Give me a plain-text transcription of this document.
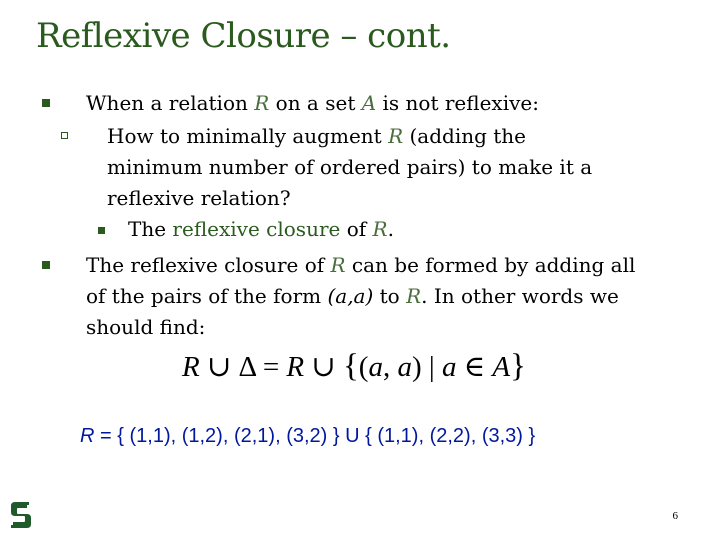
Reflexive Closure – cont.
When a relation R on a set A is not reflexive:
How to minimally augment R (adding the
minimum number of ordered pairs) to make it a
reflexive relation?
The reflexive closure of R.
The reflexive closure of R can be formed by adding all
of the pairs of the form (a,a) to R. In other words we
should find:
R ∪ Δ = R ∪ {(a, a) | a ∈ A}
R = { (1,1), (1,2), (2,1), (3,2) } U { (1,1), (2,2), (3,3) }
6
